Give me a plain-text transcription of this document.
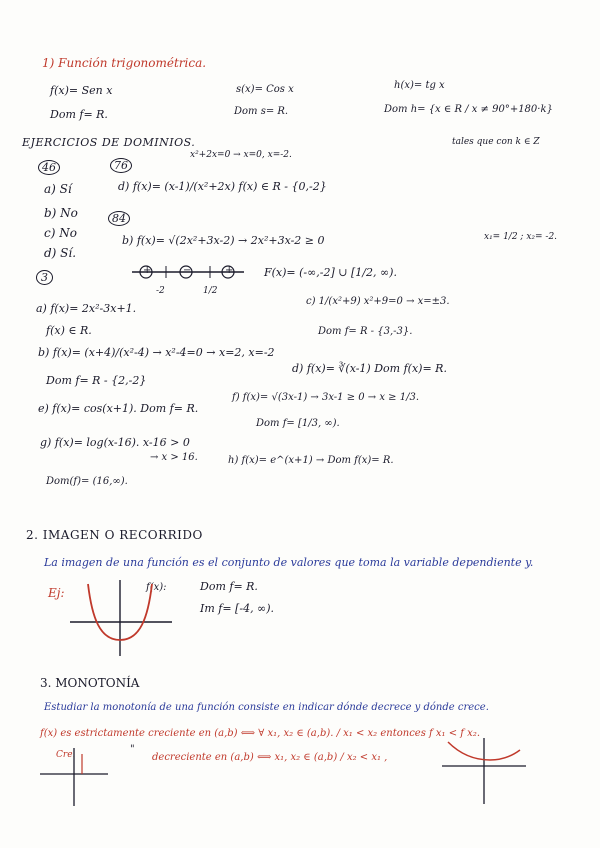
1) Función trigonométrica.
f(x)= Sen x
Dom f= R.
s(x)= Cos x
Dom s= R.
h(x)= tg x
Dom h= {x ∈ R / x ≠ 90°+180·k}
tales que con k ∈ Z
EJERCICIOS DE DOMINIOS.
46
a) Sí
b) No
c) No
d) Sí.
76
x²+2x=0 → x=0, x=-2.
d) f(x)= (x-1)/(x²+2x) f(x) ∈ R - {0,-2}
84
b) f(x)= √(2x²+3x-2) → 2x²+3x-2 ≥ 0	x₁= 1/2 ; x₂= -2.
+	−	+
-2	1/2
F(x)= (-∞,-2] ∪ [1/2, ∞).
3
a) f(x)= 2x²-3x+1.
f(x) ∈ R.
c) 1/(x²+9) x²+9=0 → x=±3.
Dom f= R - {3,-3}.
b) f(x)= (x+4)/(x²-4) → x²-4=0 → x=2, x=-2
Dom f= R - {2,-2}
d) f(x)= ∛(x-1) Dom f(x)= R.
e) f(x)= cos(x+1). Dom f= R.
f) f(x)= √(3x-1) → 3x-1 ≥ 0 → x ≥ 1/3.
Dom f= [1/3, ∞).
g) f(x)= log(x-16). x-16 > 0
→ x > 16.	h) f(x)= e^(x+1) → Dom f(x)= R.
Dom(f)= (16,∞).
2. IMAGEN O RECORRIDO
La imagen de una función es el conjunto de valores que toma la variable dependiente y.
Ej:	f(x):	Dom f= R.
Im f= [-4, ∞).
3. MONOTONÍA
Estudiar la monotonía de una función consiste en indicar dónde decrece y dónde crece.
f(x) es estrictamente creciente en (a,b) ⟺ ∀ x₁, x₂ ∈ (a,b). / x₁ < x₂ entonces f x₁ < f x₂.
"
decreciente en (a,b) ⟺ x₁, x₂ ∈ (a,b) / x₂ < x₁ ,
Cre.
